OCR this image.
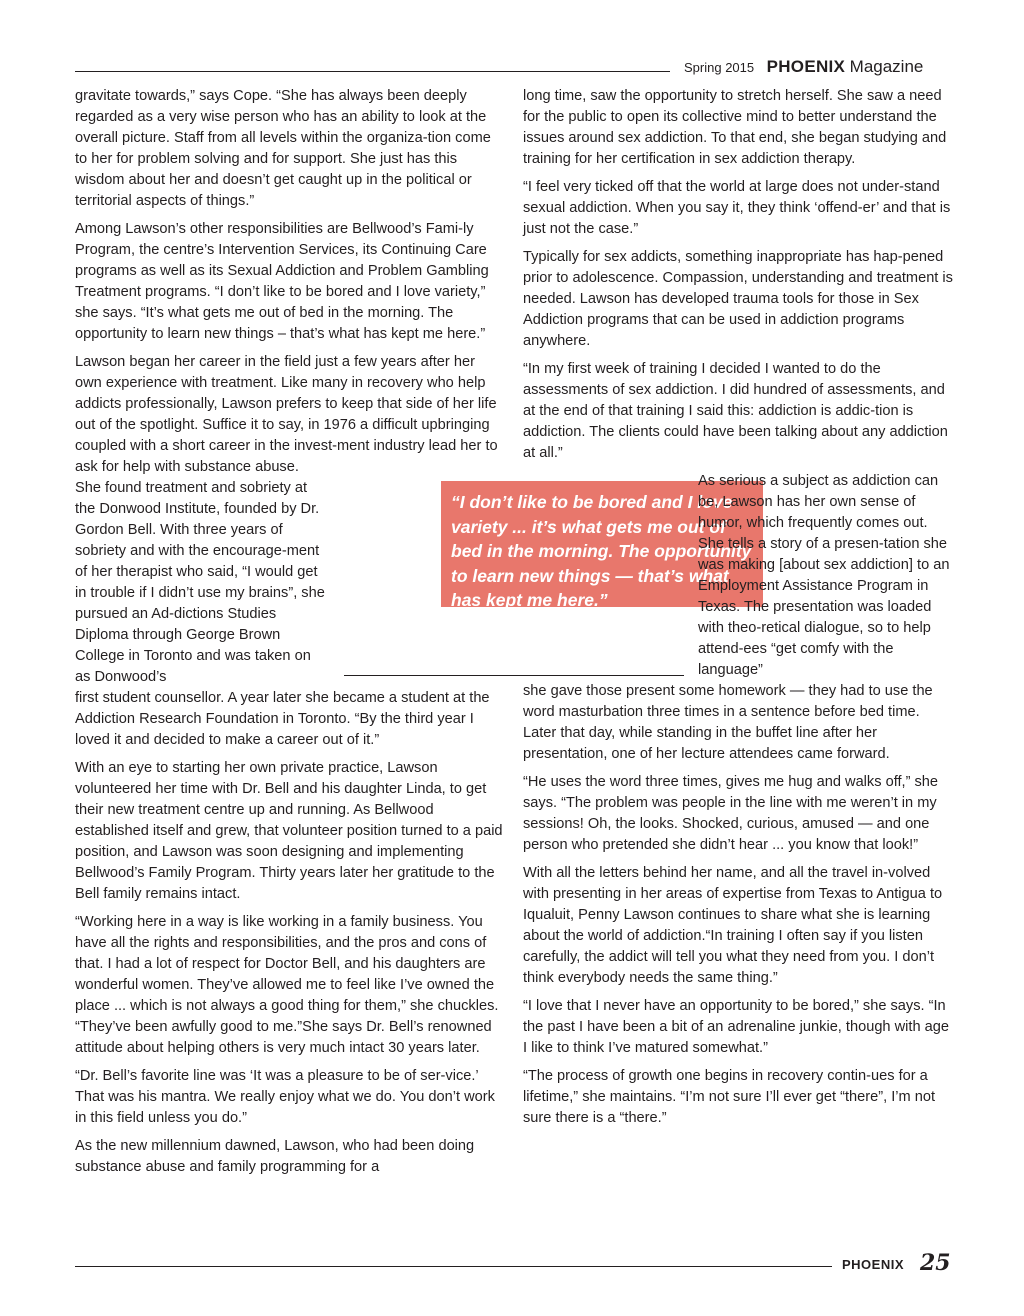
Spring 2015 PHOENIX Magazine

gravitate towards,” says Cope. “She has always been deeply regarded as a very wise person who has an ability to look at the overall picture. Staff from all levels within the organiza-tion come to her for problem solving and for support. She just has this wisdom about her and doesn’t get caught up in the political or territorial aspects of things.”

Among Lawson’s other responsibilities are Bellwood’s Fami-ly Program, the centre’s Intervention Services, its Continuing Care programs as well as its Sexual Addiction and Problem Gambling Treatment programs. “I don’t like to be bored and I love variety,” she says. “It’s what gets me out of bed in the morning. The opportunity to learn new things – that’s what has kept me here.”

Lawson began her career in the field just a few years after her own experience with treatment. Like many in recovery who help addicts professionally, Lawson prefers to keep that side of her life out of the spotlight. Suffice it to say, in 1976 a difficult upbringing coupled with a short career in the invest-ment industry lead her to ask for help with substance abuse.

“I don’t like to be bored and I love variety ... it’s what gets me out of bed in the morning. The opportunity to learn new things — that’s what has kept me here.”

She found treatment and sobriety at the Donwood Institute, founded by Dr. Gordon Bell. With three years of sobriety and with the encourage-ment of her therapist who said, “I would get in trouble if I didn’t use my brains”, she pursued an Ad-dictions Studies Diploma through George Brown College in Toronto and was taken on as Donwood’s

first student counsellor. A year later she became a student at the Addiction Research Foundation in Toronto. “By the third year I loved it and decided to make a career out of it.”

With an eye to starting her own private practice, Lawson volunteered her time with Dr. Bell and his daughter Linda, to get their new treatment centre up and running. As Bellwood established itself and grew, that volunteer position turned to a paid position, and Lawson was soon designing and implementing Bellwood’s Family Program. Thirty years later her gratitude to the Bell family remains intact.

“Working here in a way is like working in a family business. You have all the rights and responsibilities, and the pros and cons of that. I had a lot of respect for Doctor Bell, and his daughters are wonderful women. They’ve allowed me to feel like I’ve owned the place ... which is not always a good thing for them,” she chuckles. “They’ve been awfully good to me.”She says Dr. Bell’s renowned attitude about helping others is very much intact 30 years later.

“Dr. Bell’s favorite line was ‘It was a pleasure to be of ser-vice.’ That was his mantra. We really enjoy what we do. You don’t work in this field unless you do.”

As the new millennium dawned, Lawson, who had been doing substance abuse and family programming for a

long time, saw the opportunity to stretch herself. She saw a need for the public to open its collective mind to better understand the issues around sex addiction. To that end, she began studying and training for her certification in sex addiction therapy.

“I feel very ticked off that the world at large does not under-stand sexual addiction. When you say it, they think ‘offend-er’ and that is just not the case.”

Typically for sex addicts, something inappropriate has hap-pened prior to adolescence. Compassion, understanding and treatment is needed. Lawson has developed trauma tools for those in Sex Addiction programs that can be used in addiction programs anywhere.

“In my first week of training I decided I wanted to do the assessments of sex addiction. I did hundred of assessments, and at the end of that training I said this: addiction is addic-tion is addiction. The clients could have been talking about any addiction at all.”

As serious a subject as addiction can be, Lawson has her own sense of humor, which frequently comes out. She tells a story of a presen-tation she was making [about sex addiction] to an Employment Assistance Program in Texas. The presentation was loaded with theo-retical dialogue, so to help attend-ees “get comfy with the language”

she gave those present some homework — they had to use the word masturbation three times in a sentence before bed time. Later that day, while standing in the buffet line after her presentation, one of her lecture attendees came forward.

“He uses the word three times, gives me hug and walks off,” she says. “The problem was people in the line with me weren’t in my sessions! Oh, the looks. Shocked, curious, amused — and one person who pretended she didn’t hear ... you know that look!”

With all the letters behind her name, and all the travel in-volved with presenting in her areas of expertise from Texas to Antigua to Iqualuit, Penny Lawson continues to share what she is learning about the world of addiction.“In training I often say if you listen carefully, the addict will tell you what they need from you. I don’t think everybody needs the same thing.”

“I love that I never have an opportunity to be bored,” she says. “In the past I have been a bit of an adrenaline junkie, though with age I like to think I’ve matured somewhat.”

“The process of growth one begins in recovery contin-ues for a lifetime,” she maintains. “I’m not sure I’ll ever get “there”, I’m not sure there is a “there.”

PHOENIX 25
